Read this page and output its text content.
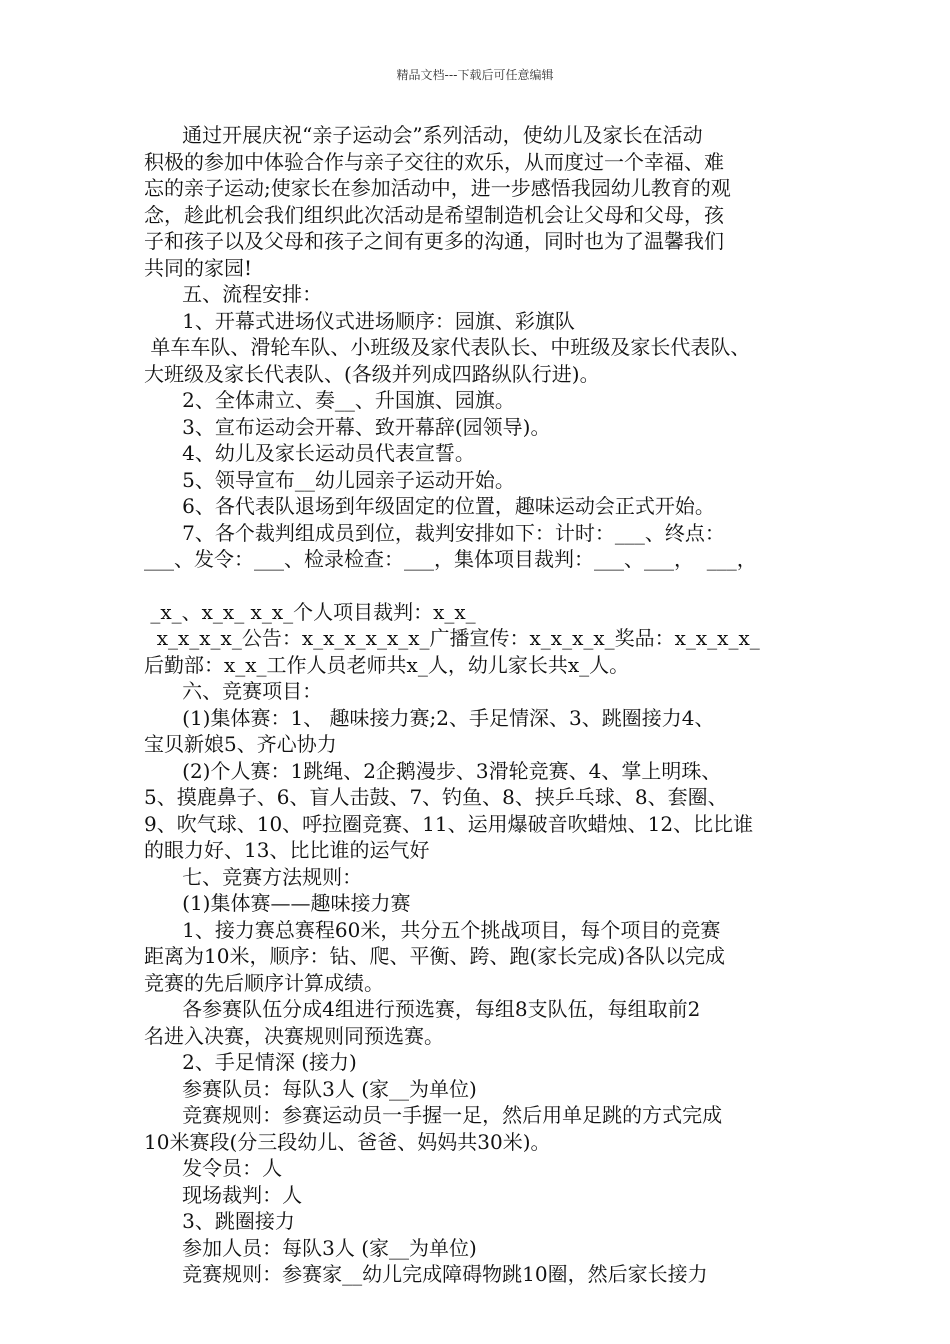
精品文档---下载后可任意编辑
通过开展庆祝“亲子运动会”系列活动，使幼儿及家长在活动
积极的参加中体验合作与亲子交往的欢乐，从而度过一个幸福、难
忘的亲子运动;使家长在参加活动中，进一步感悟我园幼儿教育的观
念，趁此机会我们组织此次活动是希望制造机会让父母和父母，孩
子和孩子以及父母和孩子之间有更多的沟通，同时也为了温馨我们
共同的家园!
五、流程安排：
1、开幕式进场仪式进场顺序：园旗、彩旗队
单车车队、滑轮车队、小班级及家代表队长、中班级及家长代表队、
大班级及家长代表队、(各级并列成四路纵队行进)。
2、全体肃立、奏__、升国旗、园旗。
3、宣布运动会开幕、致开幕辞(园领导)。
4、幼儿及家长运动员代表宣誓。
5、领导宣布__幼儿园亲子运动开始。
6、各代表队退场到年级固定的位置，趣味运动会正式开始。
7、各个裁判组成员到位，裁判安排如下：计时：___、终点：
___、发令：___、检录检查：___，集体项目裁判：___、___，  ___，
_x_、x_x_ x_x_个人项目裁判：x_x_
x_x_x_x_公告：x_x_x_x_x_x_广播宣传：x_x_x_x_奖品：x_x_x_x_
后勤部：x_x_工作人员老师共x_人，幼儿家长共x_人。
六、竞赛项目：
(1)集体赛：1、 趣味接力赛;2、手足情深、3、跳圈接力4、
宝贝新娘5、齐心协力
(2)个人赛：1跳绳、2企鹅漫步、3滑轮竞赛、4、掌上明珠、
5、摸鹿鼻子、6、盲人击鼓、7、钓鱼、8、挟乒乓球、8、套圈、
9、吹气球、10、呼拉圈竞赛、11、运用爆破音吹蜡烛、12、比比谁
的眼力好、13、比比谁的运气好
七、竞赛方法规则：
(1)集体赛——趣味接力赛
1、接力赛总赛程60米，共分五个挑战项目，每个项目的竞赛
距离为10米，顺序：钻、爬、平衡、跨、跑(家长完成)各队以完成
竞赛的先后顺序计算成绩。
各参赛队伍分成4组进行预选赛，每组8支队伍，每组取前2
名进入决赛，决赛规则同预选赛。
2、手足情深 (接力)
参赛队员：每队3人 (家__为单位)
竞赛规则：参赛运动员一手握一足，然后用单足跳的方式完成
10米赛段(分三段幼儿、爸爸、妈妈共30米)。
发令员：人
现场裁判：人
3、跳圈接力
参加人员：每队3人 (家__为单位)
竞赛规则：参赛家__幼儿完成障碍物跳10圈，然后家长接力
